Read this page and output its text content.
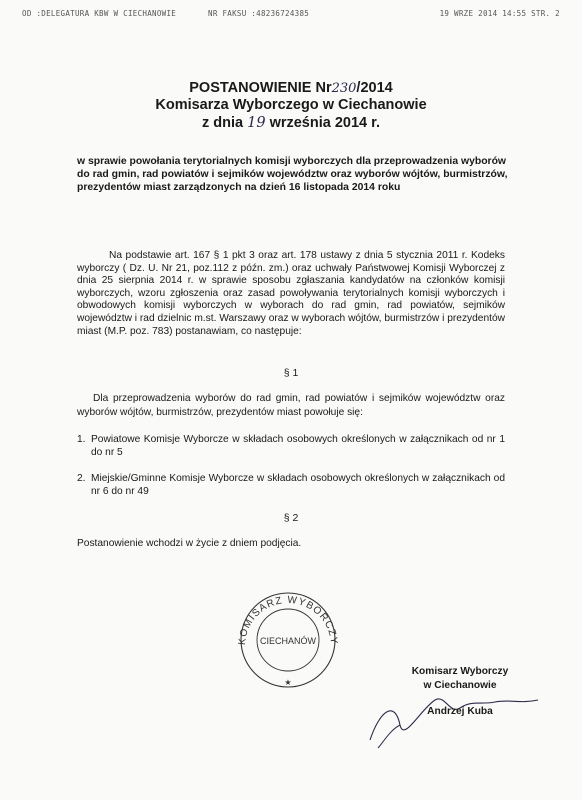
OD :DELEGATURA KBW W CIECHANOWIE	NR FAKSU :48236724385	19 WRZE 2014 14:55 STR. 2
POSTANOWIENIE Nr230/2014
Komisarza Wyborczego w Ciechanowie
z dnia 19 września 2014 r.
w sprawie powołania terytorialnych komisji wyborczych dla przeprowadzenia wyborów do rad gmin, rad powiatów i sejmików województw oraz wyborów wójtów, burmistrzów, prezydentów miast zarządzonych na dzień 16 listopada 2014 roku
Na podstawie art. 167 § 1 pkt 3 oraz art. 178 ustawy z dnia 5 stycznia 2011 r. Kodeks wyborczy ( Dz. U. Nr 21, poz.112 z późn. zm.) oraz uchwały Państwowej Komisji Wyborczej z dnia 25 sierpnia 2014 r. w sprawie sposobu zgłaszania kandydatów na członków komisji wyborczych, wzoru zgłoszenia oraz zasad powoływania terytorialnych komisji wyborczych i obwodowych komisji wyborczych w wyborach do rad gmin, rad powiatów, sejmików województw i rad dzielnic m.st. Warszawy oraz w wyborach wójtów, burmistrzów i prezydentów miast (M.P. poz. 783) postanawiam, co następuje:
§ 1
Dla przeprowadzenia wyborów do rad gmin, rad powiatów i sejmików województw oraz wyborów wójtów, burmistrzów, prezydentów miast powołuje się:
1. Powiatowe Komisje Wyborcze w składach osobowych określonych w załącznikach od nr 1 do nr 5
2. Miejskie/Gminne Komisje Wyborcze w składach osobowych określonych w załącznikach od nr 6 do nr 49
§ 2
Postanowienie wchodzi w życie z dniem podjęcia.
KOMISARZ WYBORCZY
CIECHANÓW
★
Komisarz Wyborczy
w Ciechanowie
Andrzej Kuba
